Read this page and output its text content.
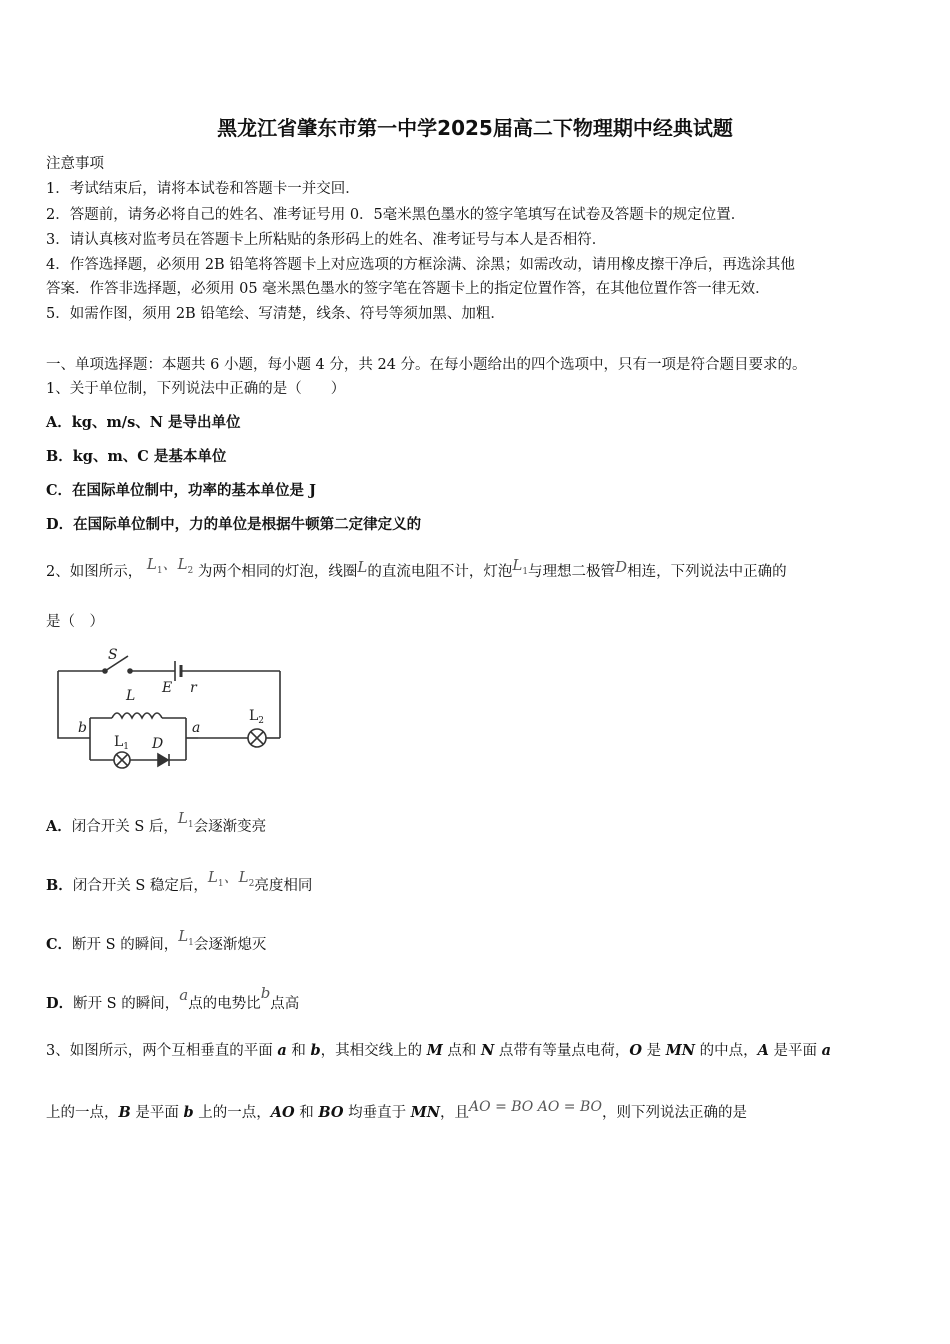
黑龙江省肇东市第一中学2025届高二下物理期中经典试题
注意事项
1．考试结束后，请将本试卷和答题卡一并交回．
2．答题前，请务必将自己的姓名、准考证号用 0．5毫米黑色墨水的签字笔填写在试卷及答题卡的规定位置．
3．请认真核对监考员在答题卡上所粘贴的条形码上的姓名、准考证号与本人是否相符．
4．作答选择题，必须用 2B 铅笔将答题卡上对应选项的方框涂满、涂黑；如需改动，请用橡皮擦干净后，再选涂其他
答案．作答非选择题，必须用 05 毫米黑色墨水的签字笔在答题卡上的指定位置作答，在其他位置作答一律无效．
5．如需作图，须用 2B 铅笔绘、写清楚，线条、符号等须加黑、加粗．
一、单项选择题：本题共 6 小题，每小题 4 分，共 24 分。在每小题给出的四个选项中，只有一项是符合题目要求的。
1、关于单位制，下列说法中正确的是（　　）
A．kg、m/s、N 是导出单位
B．kg、m、C 是基本单位
C．在国际单位制中，功率的基本单位是 J
D．在国际单位制中，力的单位是根据牛顿第二定律定义的
2、如图所示， $L_1$、$L_2$ 为两个相同的灯泡，线圈L的直流电阻不计，灯泡$L_1$与理想二极管D相连，下列说法中正确的
是（　）
S
E r
L
a
b
D
$L_1$
$L_2$
A．闭合开关 S 后，$L_1$会逐渐变亮
B．闭合开关 S 稳定后，$L_1$、$L_2$亮度相同
C．断开 S 的瞬间，$L_1$会逐渐熄灭
D．断开 S 的瞬间，a点的电势比b点高
3、如图所示，两个互相垂直的平面 a 和 b，其相交线上的 M 点和 N 点带有等量点电荷，O 是 MN 的中点，A 是平面 a
上的一点，B 是平面 b 上的一点，AO 和 BO 均垂直于 MN，且AO = BO AO = BO，则下列说法正确的是
